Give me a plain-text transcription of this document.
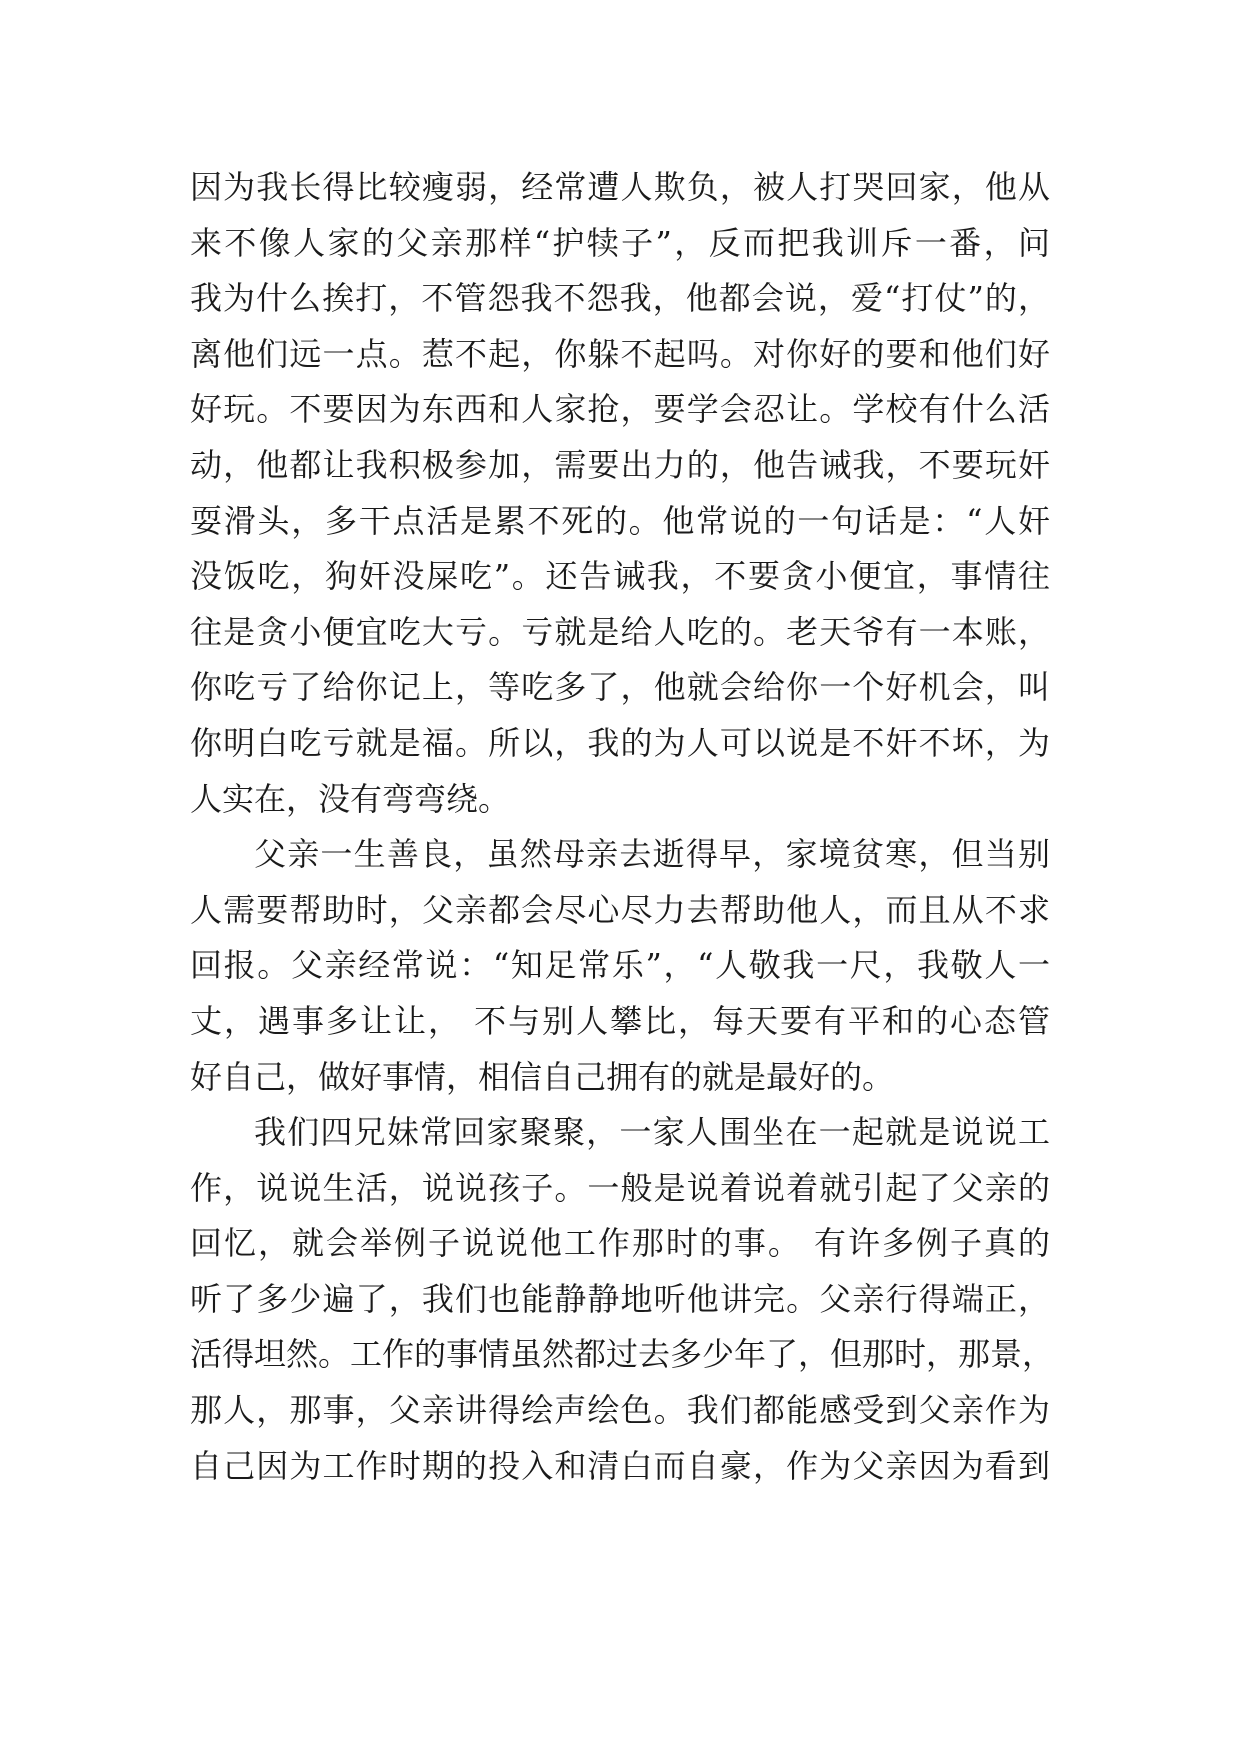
因为我长得比较瘦弱，经常遭人欺负，被人打哭回家，他从
来不像人家的父亲那样“护犊子”，反而把我训斥一番，问
我为什么挨打，不管怨我不怨我，他都会说，爱“打仗”的，
离他们远一点。惹不起，你躲不起吗。对你好的要和他们好
好玩。不要因为东西和人家抢，要学会忍让。学校有什么活
动，他都让我积极参加，需要出力的，他告诫我，不要玩奸
耍滑头，多干点活是累不死的。他常说的一句话是：“人奸
没饭吃，狗奸没屎吃”。还告诫我，不要贪小便宜，事情往
往是贪小便宜吃大亏。亏就是给人吃的。老天爷有一本账，
你吃亏了给你记上，等吃多了，他就会给你一个好机会，叫
你明白吃亏就是福。所以，我的为人可以说是不奸不坏，为
人实在，没有弯弯绕。
父亲一生善良，虽然母亲去逝得早，家境贫寒，但当别
人需要帮助时，父亲都会尽心尽力去帮助他人，而且从不求
回报。父亲经常说：“知足常乐”，“人敬我一尺，我敬人一
丈，遇事多让让， 不与别人攀比，每天要有平和的心态管
好自己，做好事情，相信自己拥有的就是最好的。
我们四兄妹常回家聚聚，一家人围坐在一起就是说说工
作，说说生活，说说孩子。一般是说着说着就引起了父亲的
回忆，就会举例子说说他工作那时的事。 有许多例子真的
听了多少遍了，我们也能静静地听他讲完。父亲行得端正，
活得坦然。工作的事情虽然都过去多少年了，但那时，那景，
那人，那事，父亲讲得绘声绘色。我们都能感受到父亲作为
自己因为工作时期的投入和清白而自豪，作为父亲因为看到
